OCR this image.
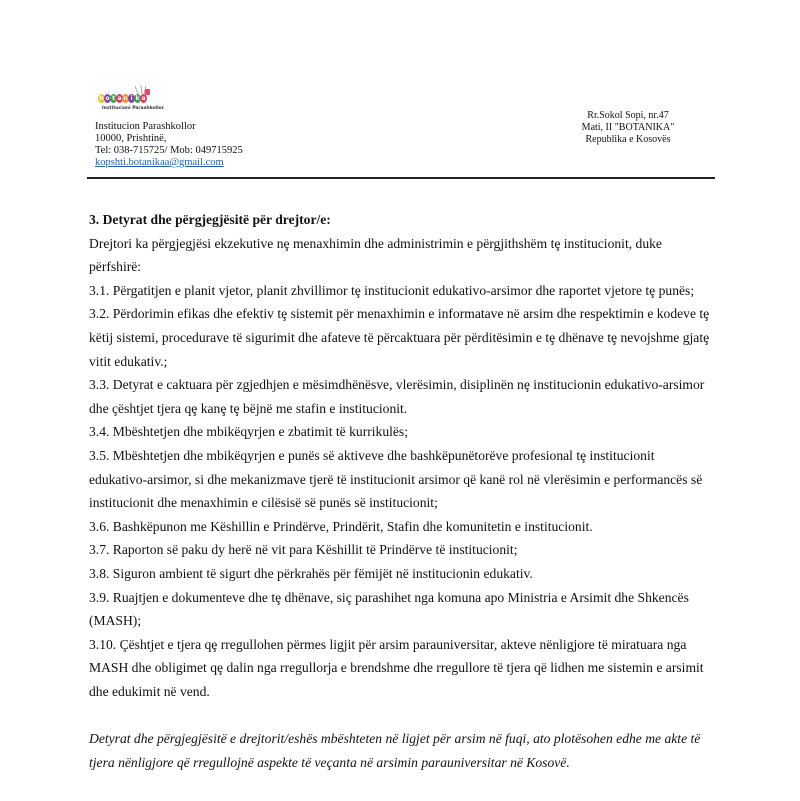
b o t a n i k a
Institucioni Parashkollor
Institucion Parashkollor
10000, Prishtinë,
Tel: 038-715725/ Mob: 049715925
kopshti.botanikaa@gmail.com
Rr.Sokol Sopi, nr.47
Mati, II "BOTANIKA"
Republika e Kosovës

3. Detyrat dhe përgjegjësitë për drejtor/e:

Drejtori ka përgjegjësi ekzekutive nȩ menaxhimin dhe administrimin e përgjithshëm tȩ institucionit, duke përfshirë:

3.1. Përgatitjen e planit vjetor, planit zhvillimor tȩ institucionit edukativo-arsimor dhe raportet vjetore tȩ punës;

3.2. Përdorimin efikas dhe efektiv tȩ sistemit për menaxhimin e informatave në arsim dhe respektimin e kodeve tȩ këtij sistemi, procedurave të sigurimit dhe afateve të përcaktuara për përditësimin e tȩ dhënave tȩ nevojshme gjatȩ vitit edukativ.;

3.3. Detyrat e caktuara për zgjedhjen e mësimdhënësve, vlerësimin, disiplinën nȩ institucionin edukativo-arsimor dhe çështjet tjera qȩ kanȩ tȩ bëjnë me stafin e institucionit.

3.4. Mbështetjen dhe mbikëqyrjen e zbatimit të kurrikulës;

3.5. Mbështetjen dhe mbikëqyrjen e punës së aktiveve dhe bashkëpunëtorëve profesional tȩ institucionit edukativo-arsimor, si dhe mekanizmave tjerë të institucionit arsimor që kanë rol në vlerësimin e performancës së institucionit dhe menaxhimin e cilësisë së punës së institucionit;

3.6. Bashkëpunon me Këshillin e Prindërve, Prindërit, Stafin dhe komunitetin e institucionit.

3.7. Raporton së paku dy herë në vit para Këshillit të Prindërve të institucionit;

3.8. Siguron ambient të sigurt dhe përkrahës për fëmijët në institucionin edukativ.

3.9. Ruajtjen e dokumenteve dhe tȩ dhënave, siç parashihet nga komuna apo Ministria e Arsimit dhe Shkencës (MASH);

3.10. Çështjet e tjera qȩ rregullohen përmes ligjit për arsim parauniversitar, akteve nënligjore të miratuara nga MASH dhe obligimet qȩ dalin nga rregullorja e brendshme dhe rregullore të tjera që lidhen me sistemin e arsimit dhe edukimit në vend.

Detyrat dhe përgjegjësitë e drejtorit/eshës mbështeten në ligjet për arsim në fuqi, ato plotësohen edhe me akte të tjera nënligjore që rregullojnë aspekte të veçanta në arsimin parauniversitar në Kosovë.
